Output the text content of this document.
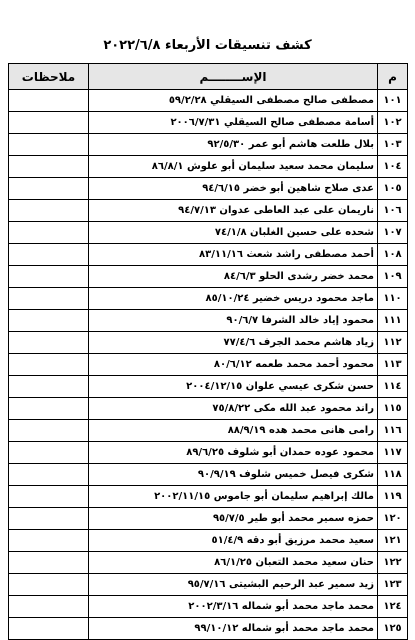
كشف تنسيقات الأربعاء ٢٠٢٢/٦/٨
م	الإســــــــم	ملاحظات
١٠١	مصطفى صالح مصطفى السيقلي ٥٩/٢/٢٨	
١٠٢	أسامة مصطفى صالح السيقلي ٢٠٠٦/٧/٣١	
١٠٣	بلال طلعت هاشم أبو عمر ٩٢/٥/٣٠	
١٠٤	سليمان محمد سعيد سليمان أبو علوش ٨٦/٨/١	
١٠٥	عدى صلاح شاهين أبو خضر ٩٤/٦/١٥	
١٠٦	ناريمان على عبد العاطى عدوان ٩٤/٧/١٣	
١٠٧	شحده على حسين الغلبان ٧٤/١/٨	
١٠٨	أحمد مصطفى راشد شعث ٨٣/١١/١٦	
١٠٩	محمد خضر رشدى الحلو ٨٤/٦/٣	
١١٠	ماجد محمود دريس خضير ٨٥/١٠/٢٤	
١١١	محمود إياد خالد الشرفا ٩٠/٦/٧	
١١٢	زياد هاشم محمد الجرف ٧٧/٤/٦	
١١٣	محمود أحمد محمد طعمه ٨٠/٦/١٢	
١١٤	حسن شكرى عيسي علوان ٢٠٠٤/١٢/١٥	
١١٥	راند محمود عبد الله مكى ٧٥/٨/٢٢	
١١٦	رامى هانى محمد هده ٨٨/٩/١٩	
١١٧	محمود عوده حمدان أبو شلوف ٨٩/٦/٢٥	
١١٨	شكرى فيصل خميس شلوف ٩٠/٩/١٩	
١١٩	مالك إبراهيم سليمان أبو جاموس ٢٠٠٢/١١/١٥	
١٢٠	حمزه سمير محمد أبو طير ٩٥/٧/٥	
١٢١	سعيد محمد مرزيق أبو دقه ٥١/٤/٩	
١٢٢	حنان سعيد محمد التعبان ٨٦/١/٢٥	
١٢٣	زيد سمير عبد الرحيم البشيتى ٩٥/٧/١٦	
١٢٤	محمد ماجد محمد أبو شماله ٢٠٠٢/٣/١٦	
١٢٥	محمد ماجد محمد أبو شماله ٩٩/١٠/١٢	
